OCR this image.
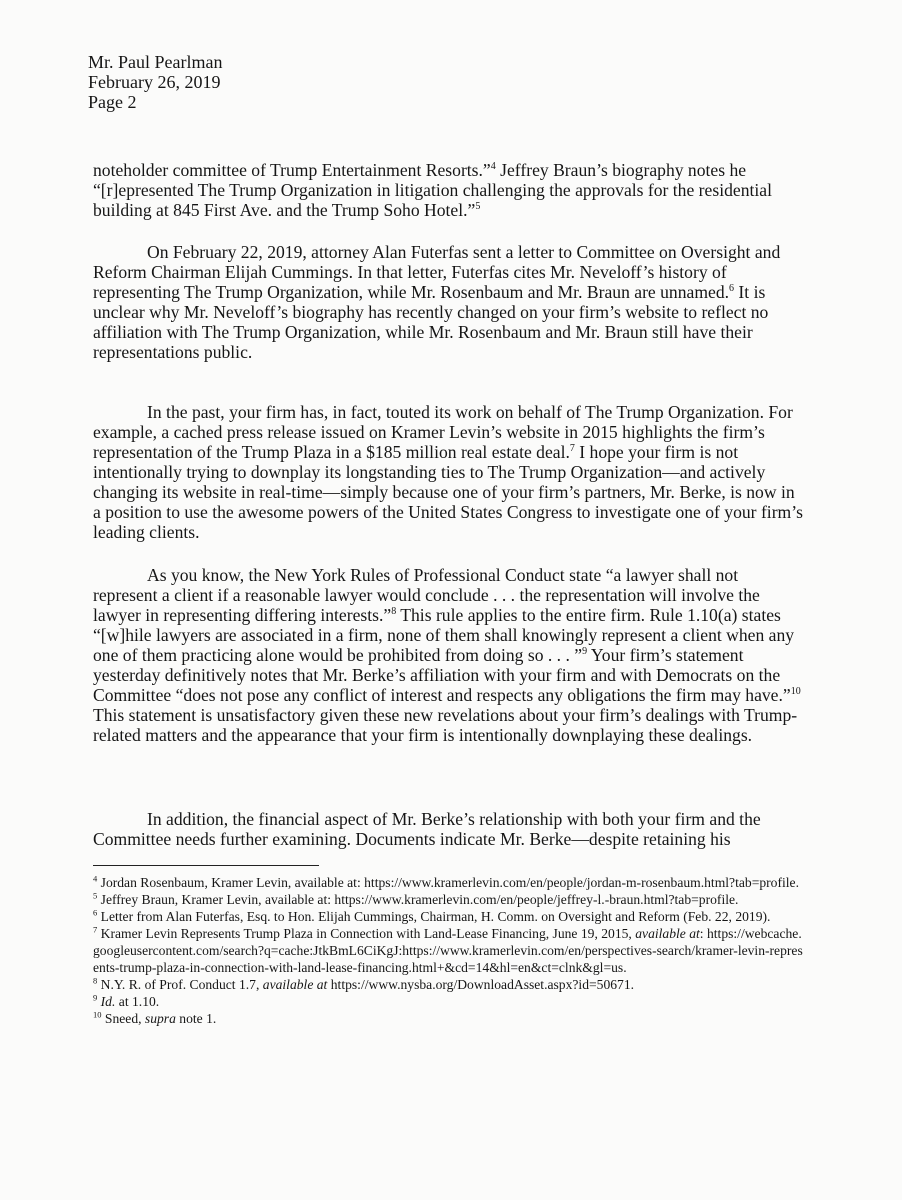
Mr. Paul Pearlman
February 26, 2019
Page 2

noteholder committee of Trump Entertainment Resorts.”$^4$ Jeffrey Braun’s biography notes he “[r]epresented The Trump Organization in litigation challenging the approvals for the residential building at 845 First Ave. and the Trump Soho Hotel.”$^5$

On February 22, 2019, attorney Alan Futerfas sent a letter to Committee on Oversight and Reform Chairman Elijah Cummings. In that letter, Futerfas cites Mr. Neveloff’s history of representing The Trump Organization, while Mr. Rosenbaum and Mr. Braun are unnamed.$^6$ It is unclear why Mr. Neveloff’s biography has recently changed on your firm’s website to reflect no affiliation with The Trump Organization, while Mr. Rosenbaum and Mr. Braun still have their representations public.

In the past, your firm has, in fact, touted its work on behalf of The Trump Organization. For example, a cached press release issued on Kramer Levin’s website in 2015 highlights the firm’s representation of the Trump Plaza in a $185 million real estate deal.$^7$ I hope your firm is not intentionally trying to downplay its longstanding ties to The Trump Organization—and actively changing its website in real-time—simply because one of your firm’s partners, Mr. Berke, is now in a position to use the awesome powers of the United States Congress to investigate one of your firm’s leading clients.

As you know, the New York Rules of Professional Conduct state “a lawyer shall not represent a client if a reasonable lawyer would conclude . . . the representation will involve the lawyer in representing differing interests.”$^8$ This rule applies to the entire firm. Rule 1.10(a) states “[w]hile lawyers are associated in a firm, none of them shall knowingly represent a client when any one of them practicing alone would be prohibited from doing so . . . ”$^9$ Your firm’s statement yesterday definitively notes that Mr. Berke’s affiliation with your firm and with Democrats on the Committee “does not pose any conflict of interest and respects any obligations the firm may have.”$^{10}$ This statement is unsatisfactory given these new revelations about your firm’s dealings with Trump-related matters and the appearance that your firm is intentionally downplaying these dealings.

In addition, the financial aspect of Mr. Berke’s relationship with both your firm and the Committee needs further examining. Documents indicate Mr. Berke—despite retaining his

$^4$ Jordan Rosenbaum, Kramer Levin, available at: https://www.kramerlevin.com/en/people/jordan-m-rosenbaum.html?tab=profile.

$^5$ Jeffrey Braun, Kramer Levin, available at: https://www.kramerlevin.com/en/people/jeffrey-l.-braun.html?tab=profile.

$^6$ Letter from Alan Futerfas, Esq. to Hon. Elijah Cummings, Chairman, H. Comm. on Oversight and Reform (Feb. 22, 2019).

$^7$ Kramer Levin Represents Trump Plaza in Connection with Land-Lease Financing, June 19, 2015, available at: https://webcache.googleusercontent.com/search?q=cache:JtkBmL6CiKgJ:https://www.kramerlevin.com/en/perspectives-search/kramer-levin-represents-trump-plaza-in-connection-with-land-lease-financing.html+&cd=14&hl=en&ct=clnk&gl=us.

$^8$ N.Y. R. of Prof. Conduct 1.7, available at https://www.nysba.org/DownloadAsset.aspx?id=50671.

$^9$ Id. at 1.10.

$^{10}$ Sneed, supra note 1.
